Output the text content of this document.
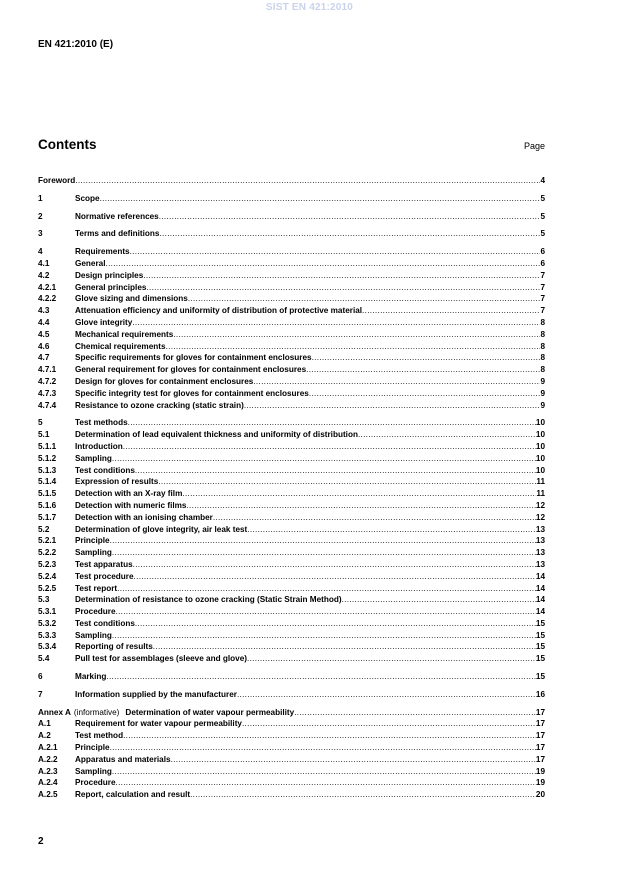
SIST EN 421:2010
EN 421:2010 (E)
Contents	Page
Foreword .....	4
1	Scope .....	5
2	Normative references .....	5
3	Terms and definitions .....	5
4	Requirements .....	6
4.1	General .....	6
4.2	Design principles .....	7
4.2.1	General principles .....	7
4.2.2	Glove sizing and dimensions .....	7
4.3	Attenuation efficiency and uniformity of distribution of protective material .....	7
4.4	Glove integrity .....	8
4.5	Mechanical requirements .....	8
4.6	Chemical requirements .....	8
4.7	Specific requirements for gloves for containment enclosures .....	8
4.7.1	General requirement for gloves for containment enclosures .....	8
4.7.2	Design for gloves for containment enclosures .....	9
4.7.3	Specific integrity test for gloves for containment enclosures .....	9
4.7.4	Resistance to ozone cracking (static strain) .....	9
5	Test methods .....	10
5.1	Determination of lead equivalent thickness and uniformity of distribution .....	10
5.1.1	Introduction .....	10
5.1.2	Sampling .....	10
5.1.3	Test conditions .....	10
5.1.4	Expression of results .....	11
5.1.5	Detection with an X-ray film .....	11
5.1.6	Detection with numeric films .....	12
5.1.7	Detection with an ionising chamber .....	12
5.2	Determination of glove integrity, air leak test .....	13
5.2.1	Principle .....	13
5.2.2	Sampling .....	13
5.2.3	Test apparatus .....	13
5.2.4	Test procedure .....	14
5.2.5	Test report .....	14
5.3	Determination of resistance to ozone cracking (Static Strain Method) .....	14
5.3.1	Procedure .....	14
5.3.2	Test conditions .....	15
5.3.3	Sampling .....	15
5.3.4	Reporting of results .....	15
5.4	Pull test for assemblages (sleeve and glove) .....	15
6	Marking .....	15
7	Information supplied by the manufacturer .....	16
Annex A (informative) Determination of water vapour permeability .....	17
A.1	Requirement for water vapour permeability .....	17
A.2	Test method .....	17
A.2.1	Principle .....	17
A.2.2	Apparatus and materials .....	17
A.2.3	Sampling .....	19
A.2.4	Procedure .....	19
A.2.5	Report, calculation and result .....	20
2
